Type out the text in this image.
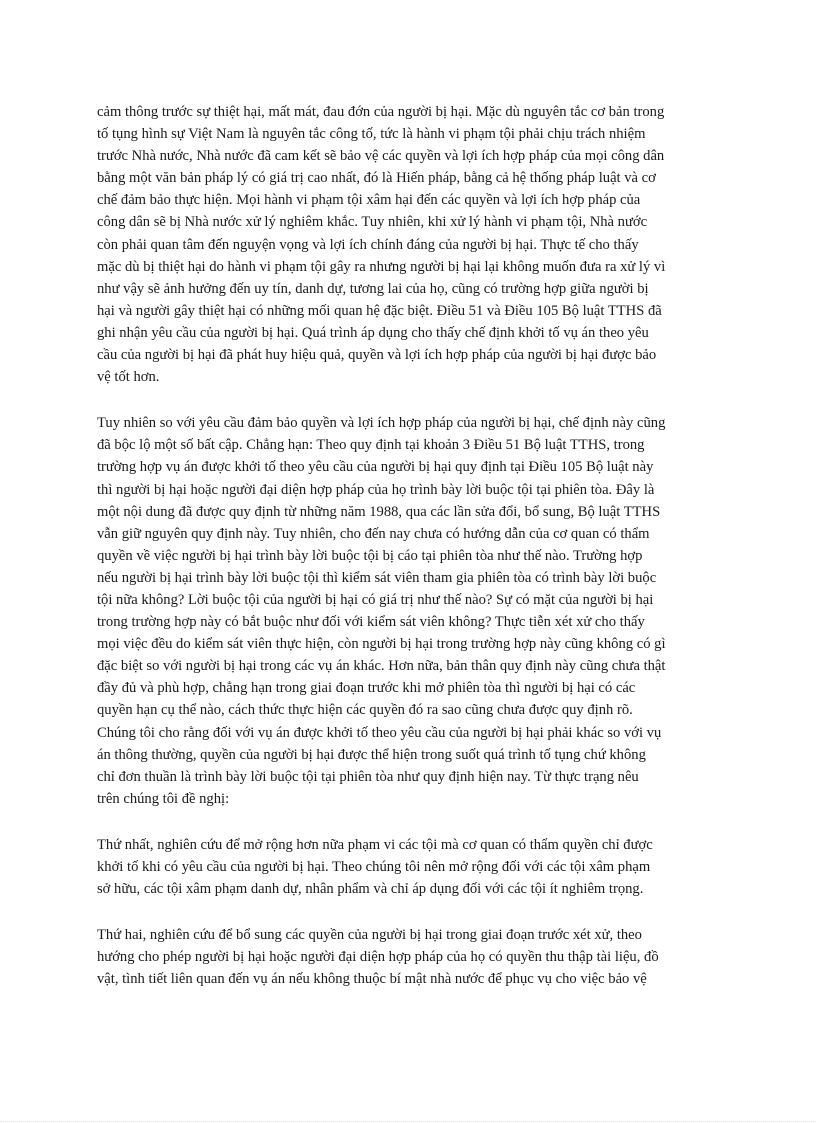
cảm thông trước sự thiệt hại, mất mát, đau đớn của người bị hại. Mặc dù nguyên tắc cơ bản trong
tố tụng hình sự Việt Nam là nguyên tắc công tố, tức là hành vi phạm tội phải chịu trách nhiệm
trước Nhà nước, Nhà nước đã cam kết sẽ bảo vệ các quyền và lợi ích hợp pháp của mọi công dân
bằng một văn bản pháp lý có giá trị cao nhất, đó là Hiến pháp, bằng cả hệ thống pháp luật và cơ
chế đảm bảo thực hiện. Mọi hành vi phạm tội xâm hại đến các quyền và lợi ích hợp pháp của
công dân sẽ bị Nhà nước xử lý nghiêm khắc. Tuy nhiên, khi xử lý hành vi phạm tội, Nhà nước
còn phải quan tâm đến nguyện vọng và lợi ích chính đáng của người bị hại. Thực tế cho thấy
mặc dù bị thiệt hại do hành vi phạm tội gây ra nhưng người bị hại lại không muốn đưa ra xử lý vì
như vậy sẽ ảnh hưởng đến uy tín, danh dự, tương lai của họ, cũng có trường hợp giữa người bị
hại và người gây thiệt hại có những mối quan hệ đặc biệt. Điều 51 và Điều 105 Bộ luật TTHS đã
ghi nhận yêu cầu của người bị hại. Quá trình áp dụng cho thấy chế định khởi tố vụ án theo yêu
cầu của người bị hại đã phát huy hiệu quả, quyền và lợi ích hợp pháp của người bị hại được bảo
vệ tốt hơn.
Tuy nhiên so với yêu cầu đảm bảo quyền và lợi ích hợp pháp của người bị hại, chế định này cũng
đã bộc lộ một số bất cập. Chẳng hạn: Theo quy định tại khoản 3 Điều 51 Bộ luật TTHS, trong
trường hợp vụ án được khởi tố theo yêu cầu của người bị hại quy định tại Điều 105 Bộ luật này
thì người bị hại hoặc người đại diện hợp pháp của họ trình bày lời buộc tội tại phiên tòa. Đây là
một nội dung đã được quy định từ những năm 1988, qua các lần sửa đổi, bổ sung, Bộ luật TTHS
vẫn giữ nguyên quy định này. Tuy nhiên, cho đến nay chưa có hướng dẫn của cơ quan có thẩm
quyền về việc người bị hại trình bày lời buộc tội bị cáo tại phiên tòa như thế nào. Trường hợp
nếu người bị hại trình bày lời buộc tội thì kiểm sát viên tham gia phiên tòa có trình bày lời buộc
tội nữa không? Lời buộc tội của người bị hại có giá trị như thế nào? Sự có mặt của người bị hại
trong trường hợp này có bắt buộc như đối với kiểm sát viên không? Thực tiễn xét xử cho thấy
mọi việc đều do kiểm sát viên thực hiện, còn người bị hại trong trường hợp này cũng không có gì
đặc biệt so với người bị hại trong các vụ án khác. Hơn nữa, bản thân quy định này cũng chưa thật
đầy đủ và phù hợp, chẳng hạn trong giai đoạn trước khi mở phiên tòa thì người bị hại có các
quyền hạn cụ thể nào, cách thức thực hiện các quyền đó ra sao cũng chưa được quy định rõ.
Chúng tôi cho rằng đối với vụ án được khởi tố theo yêu cầu của người bị hại phải khác so với vụ
án thông thường, quyền của người bị hại được thể hiện trong suốt quá trình tố tụng chứ không
chỉ đơn thuần là trình bày lời buộc tội tại phiên tòa như quy định hiện nay. Từ thực trạng nêu
trên chúng tôi đề nghị:
Thứ nhất, nghiên cứu để mở rộng hơn nữa phạm vi các tội mà cơ quan có thẩm quyền chỉ được
khởi tố khi có yêu cầu của người bị hại. Theo chúng tôi nên mở rộng đối với các tội xâm phạm
sở hữu, các tội xâm phạm danh dự, nhân phẩm và chỉ áp dụng đối với các tội ít nghiêm trọng.
Thứ hai, nghiên cứu để bổ sung các quyền của người bị hại trong giai đoạn trước xét xử, theo
hướng cho phép người bị hại hoặc người đại diện hợp pháp của họ có quyền thu thập tài liệu, đồ
vật, tình tiết liên quan đến vụ án nếu không thuộc bí mật nhà nước để phục vụ cho việc bảo vệ
